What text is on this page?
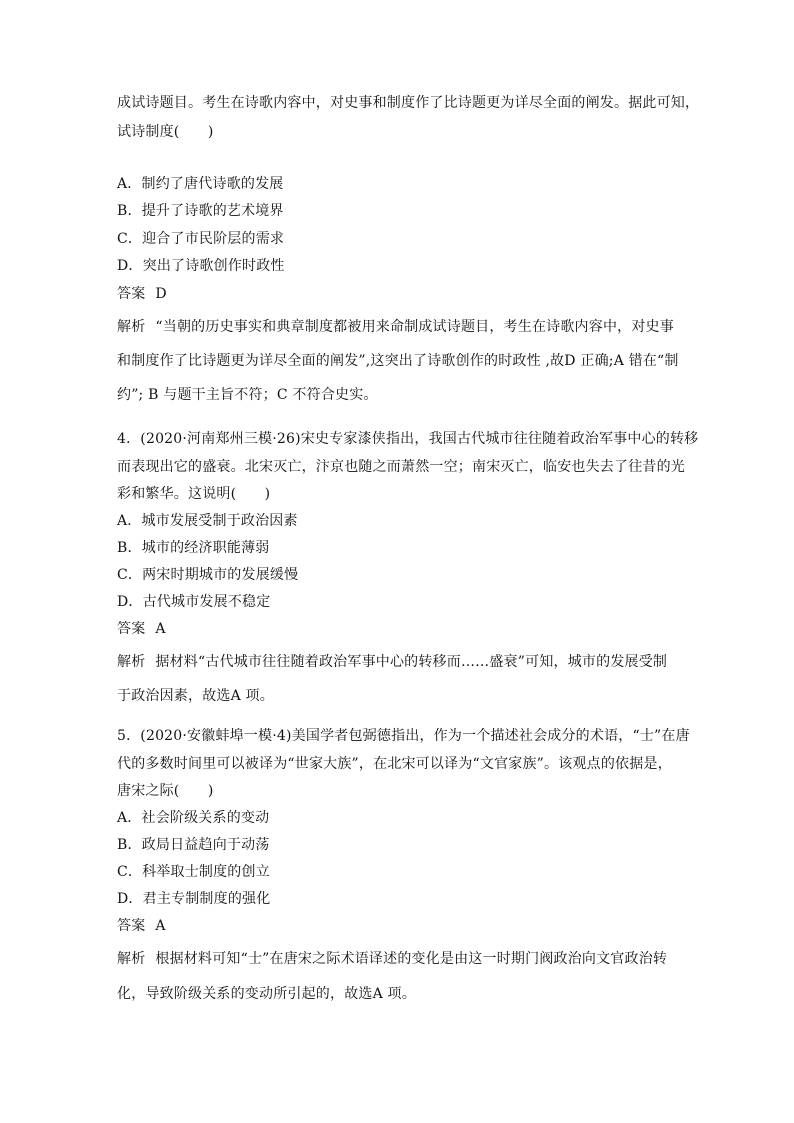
成试诗题目。考生在诗歌内容中，对史事和制度作了比诗题更为详尽全面的阐发。据此可知，
试诗制度(　　)
A．制约了唐代诗歌的发展
B．提升了诗歌的艺术境界
C．迎合了市民阶层的需求
D．突出了诗歌创作时政性
答案 D
解析 “当朝的历史事实和典章制度都被用来命制成试诗题目，考生在诗歌内容中，对史事
和制度作了比诗题更为详尽全面的阐发”,这突出了诗歌创作的时政性 ,故D 正确;A 错在“制
约”; B 与题干主旨不符；C 不符合史实。
4．(2020·河南郑州三模·26)宋史专家漆侠指出，我国古代城市往往随着政治军事中心的转移
而表现出它的盛衰。北宋灭亡，汴京也随之而萧然一空；南宋灭亡，临安也失去了往昔的光
彩和繁华。这说明(　　)
A．城市发展受制于政治因素
B．城市的经济职能薄弱
C．两宋时期城市的发展缓慢
D．古代城市发展不稳定
答案 A
解析 据材料“古代城市往往随着政治军事中心的转移而……盛衰”可知，城市的发展受制
于政治因素，故选A 项。
5．(2020·安徽蚌埠一模·4)美国学者包弼德指出，作为一个描述社会成分的术语，“士”在唐
代的多数时间里可以被译为“世家大族”，在北宋可以译为“文官家族”。该观点的依据是，
唐宋之际(　　)
A．社会阶级关系的变动
B．政局日益趋向于动荡
C．科举取士制度的创立
D．君主专制制度的强化
答案 A
解析 根据材料可知“士”在唐宋之际术语译述的变化是由这一时期门阀政治向文官政治转
化，导致阶级关系的变动所引起的，故选A 项。
